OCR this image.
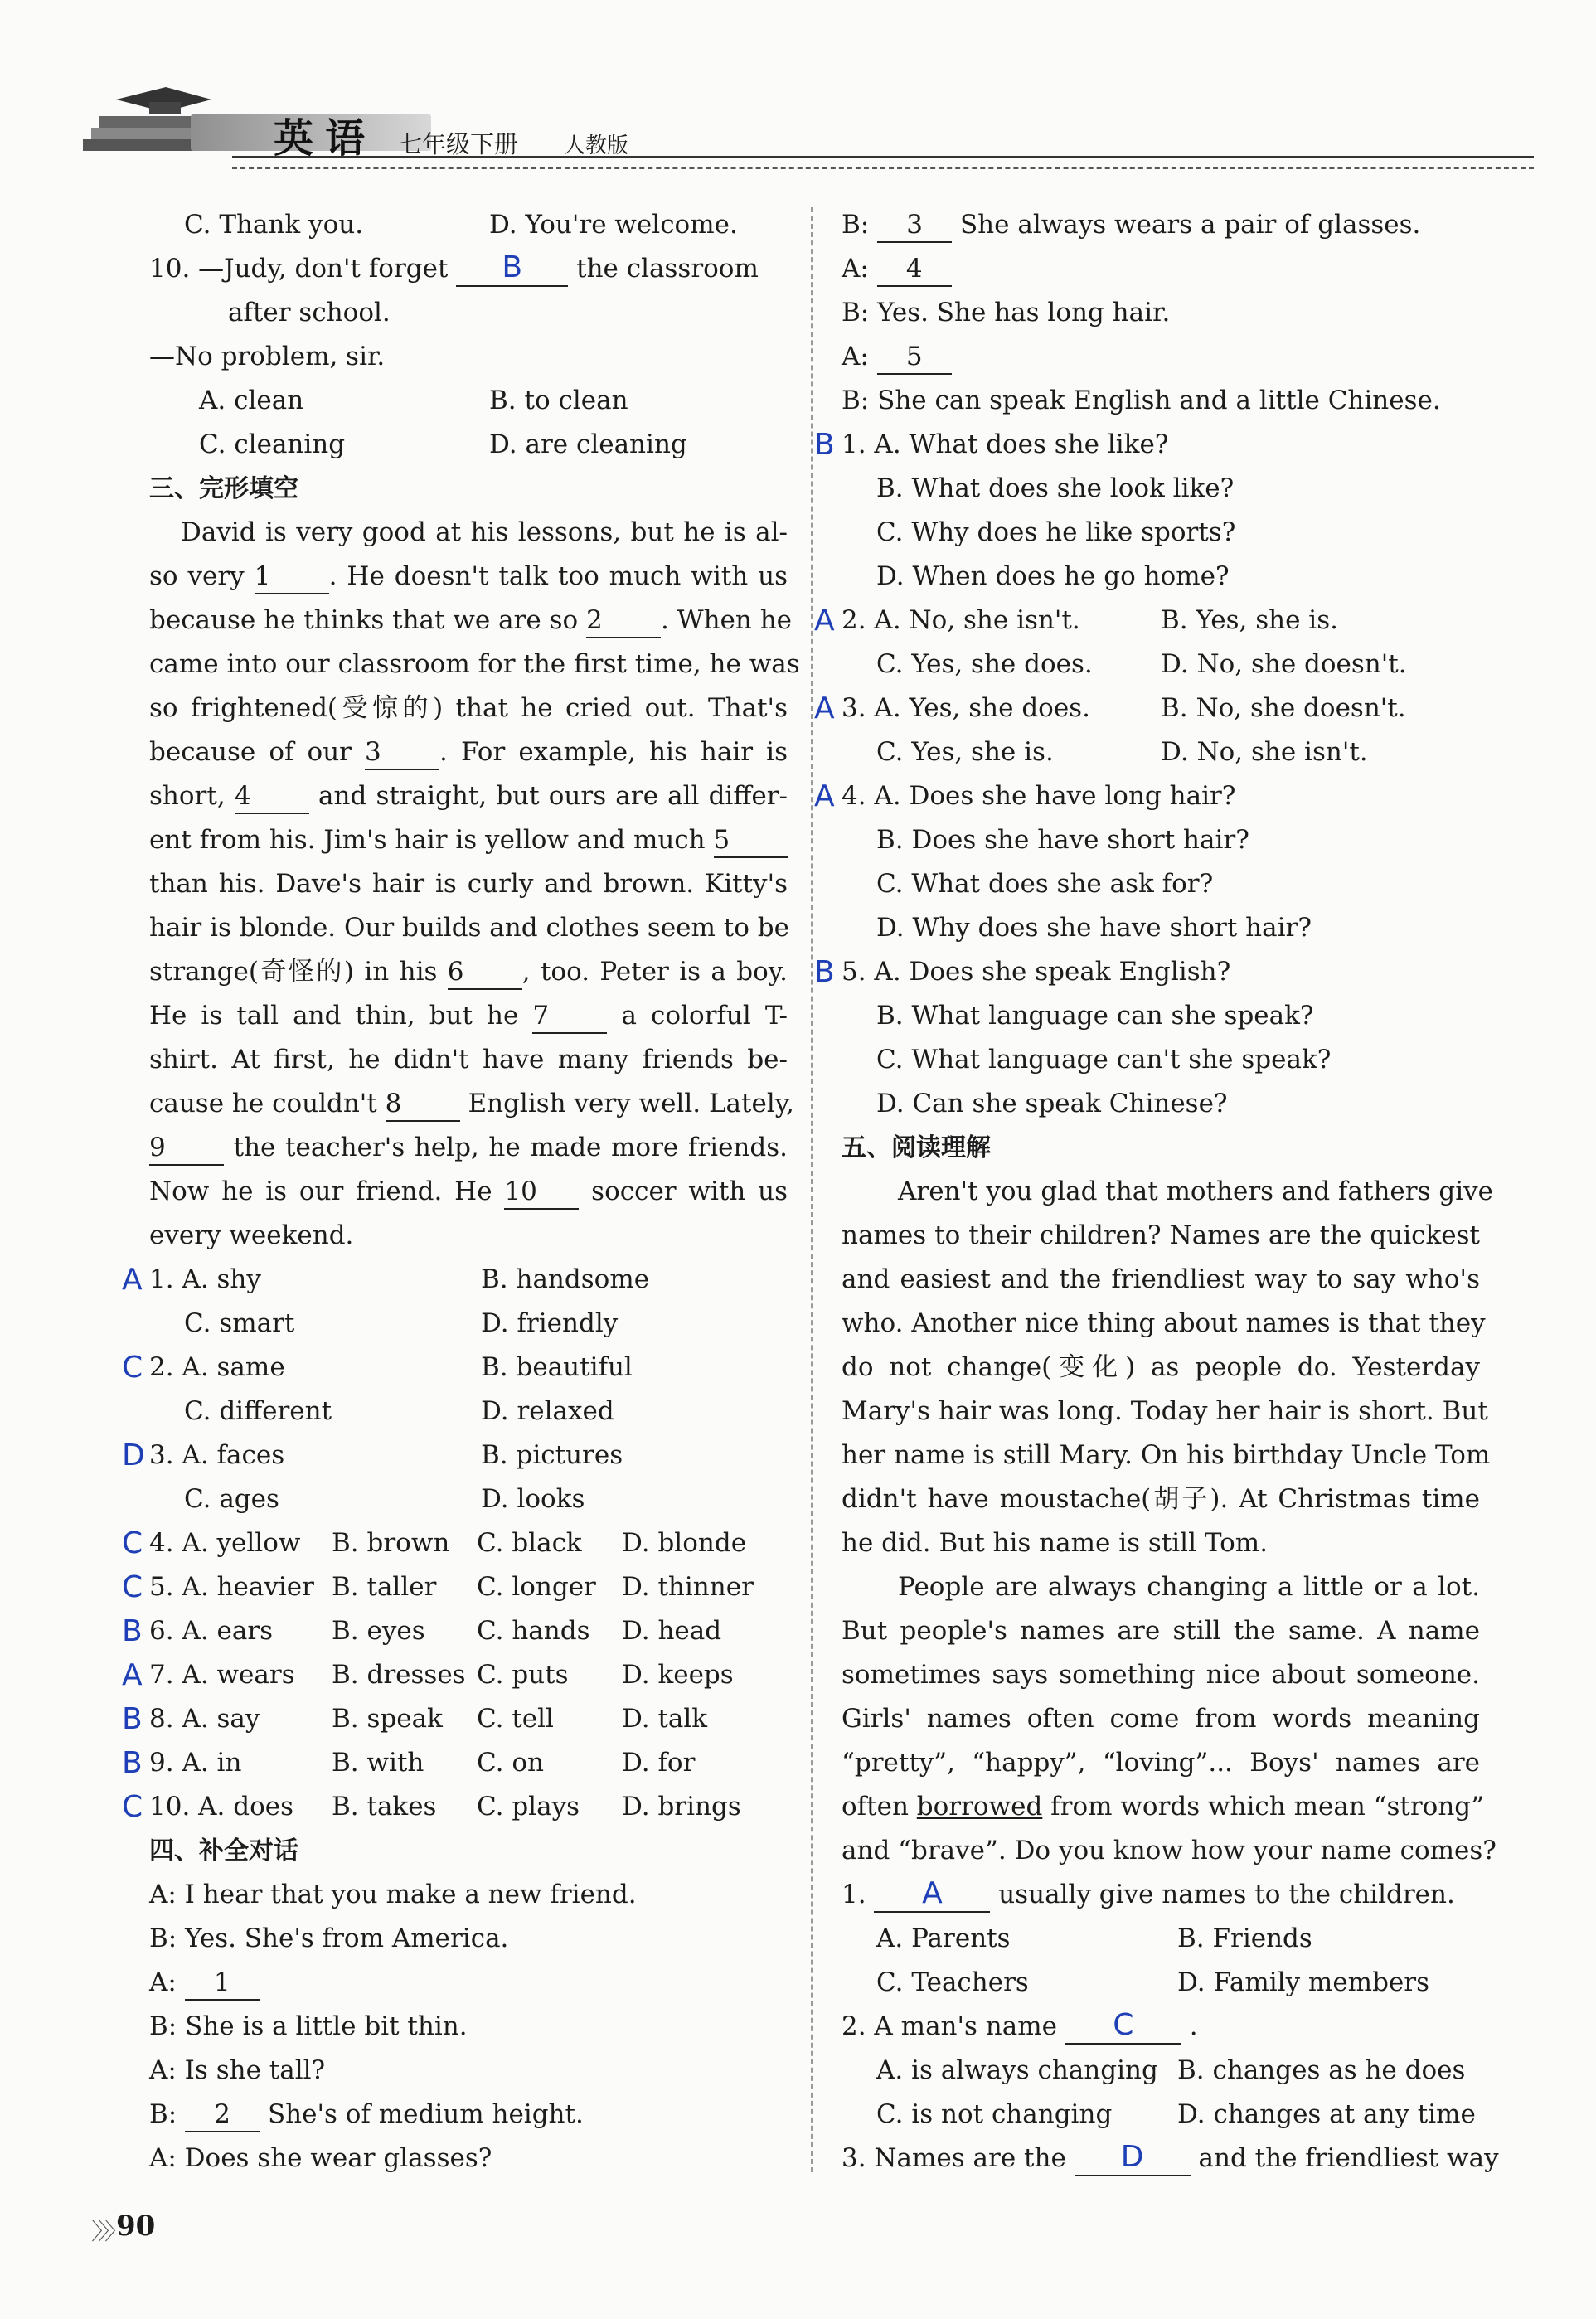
英语 七年级下册 人教版
C. Thank you.	D. You're welcome.
10. —Judy, don't forget B the classroom
after school.
—No problem, sir.
A. clean	B. to clean
C. cleaning	D. are cleaning
三、完形填空
David is very good at his lessons, but he is al-
so very 1 . He doesn't talk too much with us
because he thinks that we are so 2 . When he
came into our classroom for the first time, he was
so frightened(受惊的) that he cried out. That's
because of our 3 . For example, his hair is
short, 4 and straight, but ours are all differ-
ent from his. Jim's hair is yellow and much 5
than his. Dave's hair is curly and brown. Kitty's
hair is blonde. Our builds and clothes seem to be
strange(奇怪的) in his 6 , too. Peter is a boy.
He is tall and thin, but he 7 a colorful T-
shirt. At first, he didn't have many friends be-
cause he couldn't 8 English very well. Lately,
9 the teacher's help, he made more friends.
Now he is our friend. He 10 soccer with us
every weekend.
A 1. A. shy	B. handsome
C. smart	D. friendly
C 2. A. same	B. beautiful
C. different	D. relaxed
D 3. A. faces	B. pictures
C. ages	D. looks
C 4. A. yellow B. brown C. black D. blonde
C 5. A. heavier B. taller C. longer D. thinner
B 6. A. ears B. eyes C. hands D. head
A 7. A. wears B. dresses C. puts D. keeps
B 8. A. say	B. speak C. tell	D. talk
B 9. A. in	B. with C. on	D. for
C 10. A. does B. takes C. plays D. brings
四、补全对话
A: I hear that you make a new friend.
B: Yes. She's from America.
A: 1
B: She is a little bit thin.
A: Is she tall?
B: 2 She's of medium height.
A: Does she wear glasses?
B: 3 She always wears a pair of glasses.
A: 4
B: Yes. She has long hair.
A: 5
B: She can speak English and a little Chinese.
B 1. A. What does she like?
B. What does she look like?
C. Why does he like sports?
D. When does he go home?
A 2. A. No, she isn't.	B. Yes, she is.
C. Yes, she does.	D. No, she doesn't.
A 3. A. Yes, she does.	B. No, she doesn't.
C. Yes, she is.	D. No, she isn't.
A 4. A. Does she have long hair?
B. Does she have short hair?
C. What does she ask for?
D. Why does she have short hair?
B 5. A. Does she speak English?
B. What language can she speak?
C. What language can't she speak?
D. Can she speak Chinese?
五、阅读理解
Aren't you glad that mothers and fathers give
names to their children? Names are the quickest
and easiest and the friendliest way to say who's
who. Another nice thing about names is that they
do not change(变化) as people do. Yesterday
Mary's hair was long. Today her hair is short. But
her name is still Mary. On his birthday Uncle Tom
didn't have moustache(胡子). At Christmas time
he did. But his name is still Tom.
People are always changing a little or a lot.
But people's names are still the same. A name
sometimes says something nice about someone.
Girls' names often come from words meaning
“pretty”, “happy”, “loving”... Boys' names are
often borrowed from words which mean “strong”
and “brave”. Do you know how your name comes?
1. A usually give names to the children.
A. Parents	B. Friends
C. Teachers	D. Family members
2. A man's name C .
A. is always changing B. changes as he does
C. is not changing	D. changes at any time
3. Names are the D and the friendliest way
〉〉〉
90
